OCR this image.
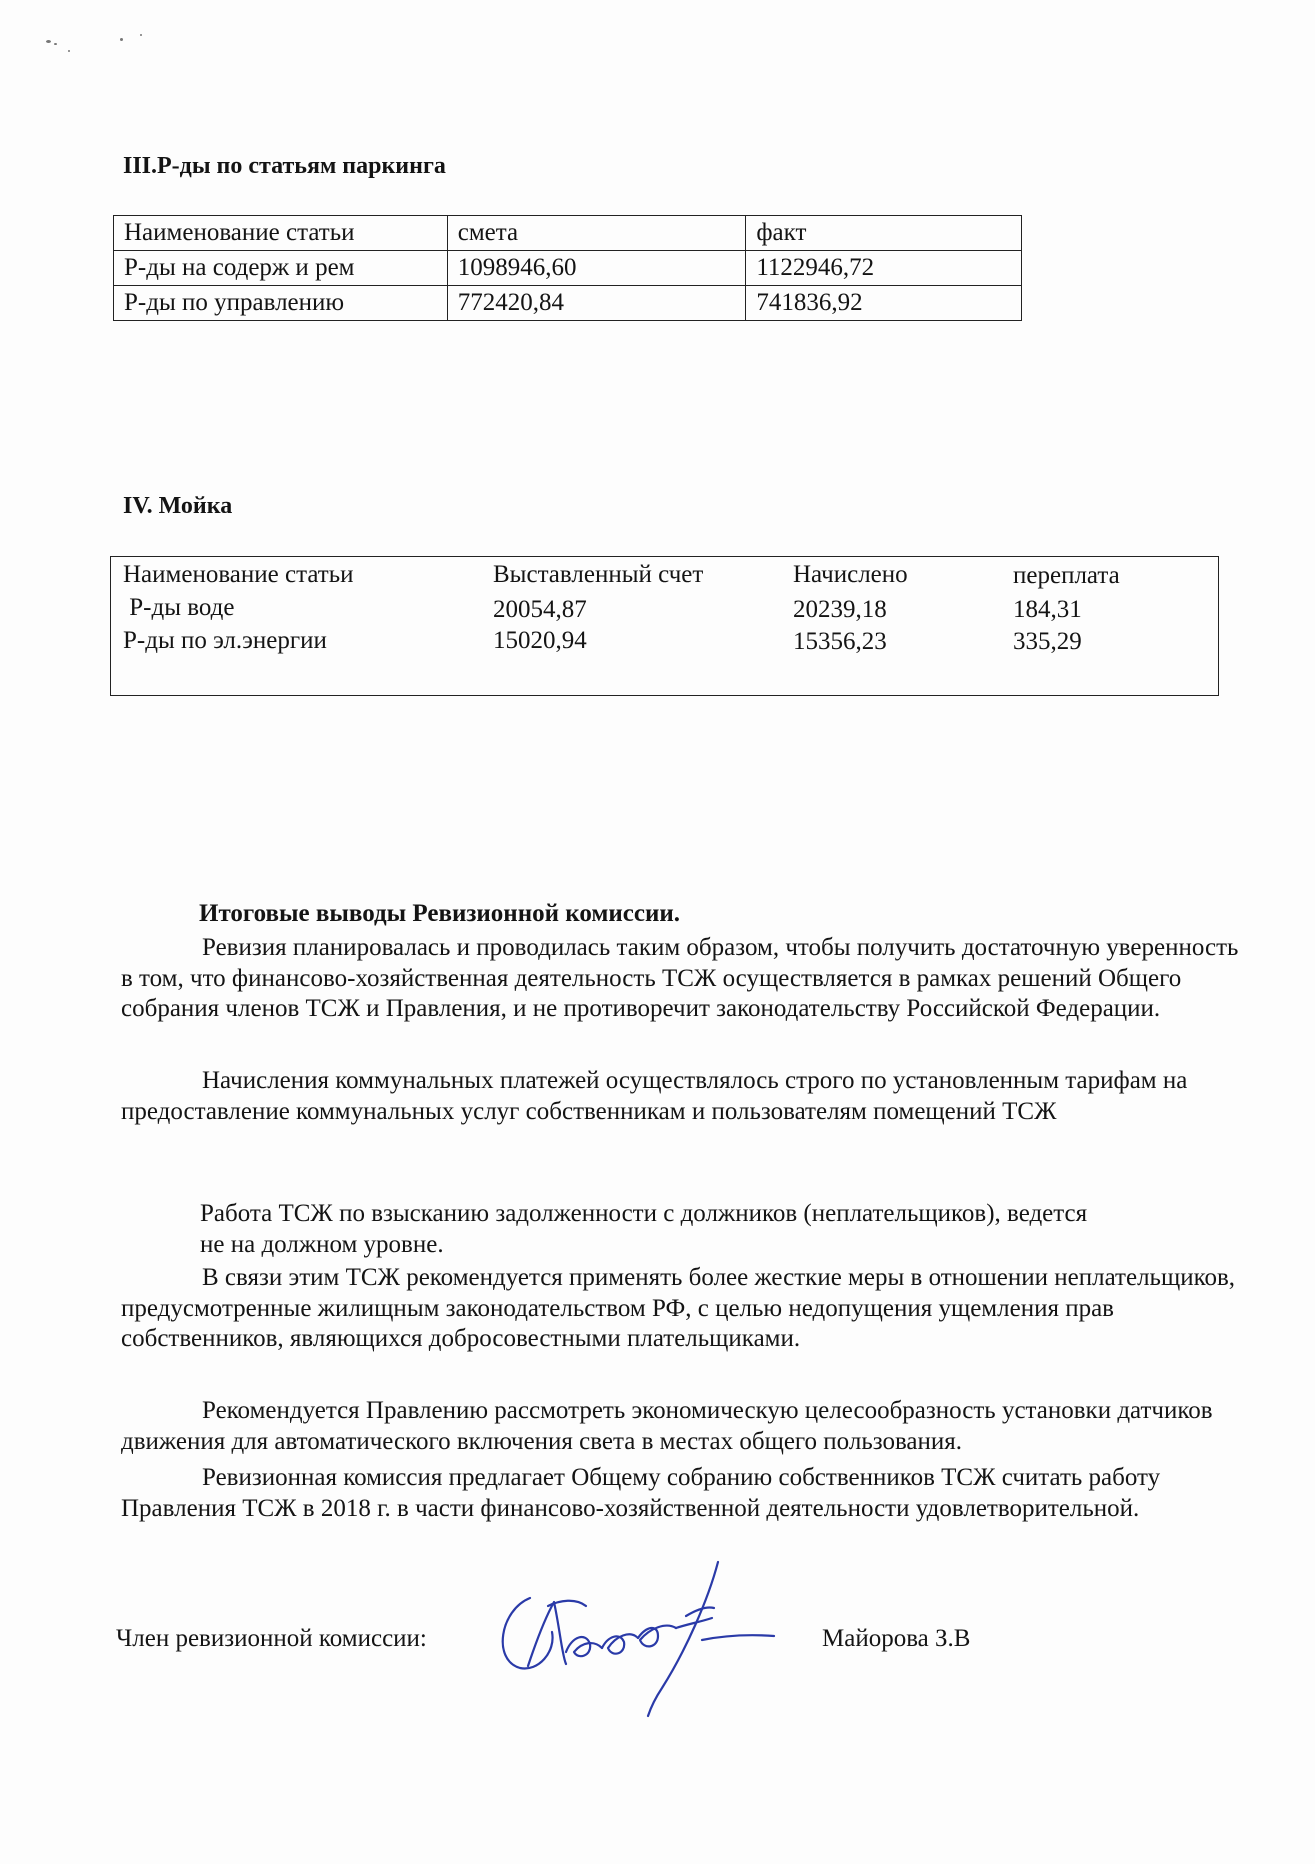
III.Р-ды по статьям паркинга
Наименование статьи	смета	факт
Р-ды на содерж и рем	1098946,60	1122946,72
Р-ды по управлению	772420,84	741836,92
IV. Мойка
Наименование статьи	Выставленный счет	Начислено	переплата
Р-ды воде	20054,87	20239,18	184,31
Р-ды по эл.энергии	15020,94	15356,23	335,29
Итоговые выводы Ревизионной комиссии.
Ревизия планировалась и проводилась таким образом, чтобы получить достаточную уверенность в том, что финансово-хозяйственная деятельность ТСЖ осуществляется в рамках решений Общего собрания членов ТСЖ и Правления, и не противоречит законодательству Российской Федерации.
Начисления коммунальных платежей осуществлялось строго по установленным тарифам на предоставление коммунальных услуг собственникам и пользователям помещений ТСЖ
Работа ТСЖ по взысканию задолженности с должников (неплательщиков), ведется
не на должном уровне.
В связи этим ТСЖ рекомендуется применять более жесткие меры в отношении неплательщиков, предусмотренные жилищным законодательством РФ, с целью недопущения ущемления прав собственников, являющихся добросовестными плательщиками.
Рекомендуется Правлению рассмотреть экономическую целесообразность установки датчиков движения для автоматического включения света в местах общего пользования.
Ревизионная комиссия предлагает Общему собранию собственников ТСЖ считать работу Правления ТСЖ в 2018 г. в части финансово-хозяйственной деятельности удовлетворительной.
Член ревизионной комиссии:	Майорова З.В
